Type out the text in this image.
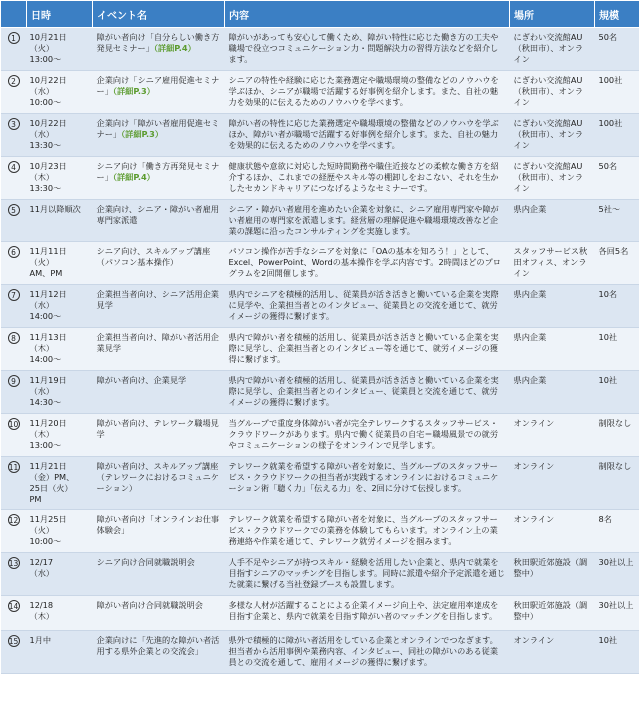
	日時	イベント名	内容	場所	規模
1	10月21日
（火）
13:00～	障がい者向け「自分らしい働き方発見セミナー」（詳細P.4）	障がいがあっても安心して働くため、障がい特性に応じた働き方の工夫や職場で役立つコミュニケーション力・問題解決力の習得方法などを紹介します。	にぎわい交流館AU（秋田市）、オンライン	50名
2	10月22日
（水）
10:00～	企業向け「シニア雇用促進セミナー」（詳細P.3）	シニアの特性や経験に応じた業務選定や職場環境の整備などのノウハウを学ぶほか、シニアが職場で活躍する好事例を紹介します。また、自社の魅力を効果的に伝えるためのノウハウを学べます。	にぎわい交流館AU（秋田市）、オンライン	100社
3	10月22日
（水）
13:30～	企業向け「障がい者雇用促進セミナー」（詳細P.3）	障がい者の特性に応じた業務選定や職場環境の整備などのノウハウを学ぶほか、障がい者が職場で活躍する好事例を紹介します。また、自社の魅力を効果的に伝えるためのノウハウを学べます。	にぎわい交流館AU（秋田市）、オンライン	100社
4	10月23日
（木）
13:30～	シニア向け「働き方再発見セミナー」（詳細P.4）	健康状態や意欲に対応した短時間勤務や職住近接などの柔軟な働き方を紹介するほか、これまでの経歴やスキル等の棚卸しをおこない、それを生かしたセカンドキャリアにつなげるようなセミナーです。	にぎわい交流館AU（秋田市）、オンライン	50名
5	11月以降順次	企業向け、シニア・障がい者雇用専門家派遣	シニア・障がい者雇用を進めたい企業を対象に、シニア雇用専門家や障がい者雇用の専門家を派遣します。経営層の理解促進や職場環境改善など企業の課題に沿ったコンサルティングを実施します。	県内企業	5社～
6	11月11日
（火）
AM、PM	シニア向け、スキルアップ講座（パソコン基本操作）	パソコン操作が苦手なシニアを対象に「OAの基本を知ろう！」として、Excel、PowerPoint、Wordの基本操作を学ぶ内容です。2時間ほどのプログラムを2回開催します。	スタッフサービス秋田オフィス、オンライン	各回5名
7	11月12日
（水）
14:00～	企業担当者向け、シニア活用企業見学	県内でシニアを積極的活用し、従業員が活き活きと働いている企業を実際に見学や、企業担当者とのインタビュー、従業員との交流を通じて、就労イメージの獲得に繋げます。	県内企業	10名
8	11月13日
（木）
14:00～	企業担当者向け、障がい者活用企業見学	県内で障がい者を積極的活用し、従業員が活き活きと働いている企業を実際に見学し、企業担当者とのインタビュー等を通じて、就労イメージの獲得に繋げます。	県内企業	10社
9	11月19日
（水）
14:30～	障がい者向け、企業見学	県内で障がい者を積極的活用し、従業員が活き活きと働いている企業を実際に見学し、企業担当者とのインタビュー、従業員と交流を通じて、就労イメージの獲得に繋げます。	県内企業	10社
10	11月20日
（木）
13:00～	障がい者向け、テレワーク職場見学	当グループで重度身体障がい者が完全テレワークするスタッフサービス・クラウドワークがあります。県内で働く従業員の自宅＝職場風景での就労やコミュニケーションの様子をオンラインで見学します。	オンライン	制限なし
11	11月21日
（金）PM、
25日（火）
PM	障がい者向け、スキルアップ講座（テレワークにおけるコミュニケーション）	テレワーク就業を希望する障がい者を対象に、当グループのスタッフサービス・クラウドワークの担当者が実践するオンラインにおけるコミュニケーション術「聴く力」「伝える力」を、2回に分けて伝授します。	オンライン	制限なし
12	11月25日
（火）
10:00～	障がい者向け「オンラインお仕事体験会」	テレワーク就業を希望する障がい者を対象に、当グループのスタッフサービス・クラウドワークでの業務を体験してもらいます。オンライン上の業務連絡や作業を通じて、テレワーク就労イメージを掴みます。	オンライン	8名
13	12/17
（水）	シニア向け合同就職説明会	人手不足やシニアが持つスキル・経験を活用したい企業と、県内で就業を目指すシニアのマッチングを目指します。同時に派遣や紹介予定派遣を通じた就業に繋げる当社登録ブースも設置します。	秋田駅近郊施設（調整中）	30社以上
14	12/18
（木）	障がい者向け合同就職説明会	多様な人材が活躍することによる企業イメージ向上や、法定雇用率達成を目指す企業と、県内で就業を目指す障がい者のマッチングを目指します。	秋田駅近郊施設（調整中）	30社以上
15	1月中	企業向けに「先進的な障がい者活用する県外企業との交流会」	県外で積極的に障がい者活用をしている企業とオンラインでつなぎます。担当者から活用事例や業務内容、インタビュー、同社の障がいのある従業員との交流を通して、雇用イメージの獲得に繋げます。	オンライン	10社
